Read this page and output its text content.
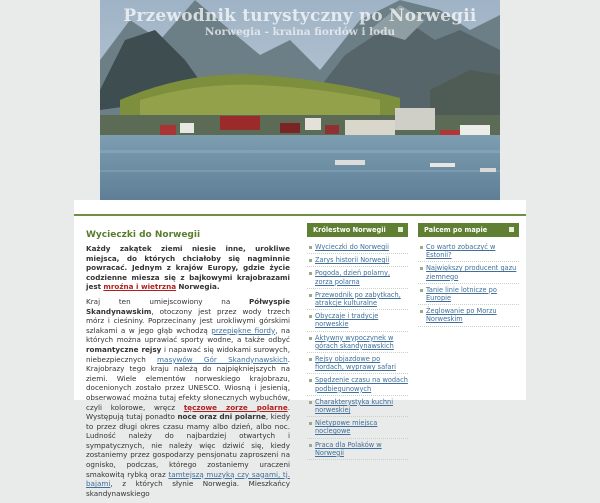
Przewodnik turystyczny po Norwegii
Norwegia - kraina fiordów i lodu
Wycieczki do Norwegii

Każdy zakątek ziemi niesie inne, urokliwe miejsca, do których chciałoby się nagminnie powracać. Jednym z krajów Europy, gdzie życie codzienne miesza się z bajkowymi krajobrazami jest mroźna i wietrzna Norwegia.

Kraj ten umiejscowiony na	Półwyspie Skandynawskim, otoczony jest przez wody trzech mórz i cieśniny. Poprzecinany jest urokliwymi górskimi szlakami a w jego głąb wchodzą przepiękne fiordy, na których można uprawiać sporty wodne, a także odbyć romantyczne rejsy i napawać się widokami surowych, niebezpiecznych masywów Gór Skandynawskich. Krajobrazy tego kraju należą do najpiękniejszych na ziemi. Wiele elementów norweskiego krajobrazu, docenionych zostało przez UNESCO. Wiosną i jesienią, obserwować można tutaj efekty słonecznych wybuchów, czyli kolorowe, wręcz tęczowe zorze polarne. Występują tutaj ponadto noce oraz dni polarne, kiedy to przez długi okres czasu mamy albo dzień, albo noc. Ludność należy do najbardziej otwartych i sympatycznych, nie należy więc dziwić się, kiedy zostaniemy przez gospodarzy pensjonatu zaproszeni na ognisko, podczas, którego zostaniemy uraczeni smakowitą rybką oraz tamtejszą muzyką czy sagami, tj. bajami, z których słynie Norwegia. Mieszkańcy skandynawskiego

Królestwo Norwegii
Wycieczki do Norwegii
Zarys historii Norwegii
Pogoda, dzień polarny, zorza polarna
Przewodnik po zabytkach, atrakcje kulturalne
Obyczaje i tradycje norweskie
Aktywny wypoczynek w górach skandynawskich
Rejsy objazdowe po fiordach, wyprawy safari
Spędzenie czasu na wodach podbiegunowych
Charakterystyka kuchni norweskiej
Nietypowe miejsca noclegowe
Praca dla Polaków w Norwegii
Palcem po mapie
Co warto zobaczyć w Estonii?
Największy producent gazu ziemnego
Tanie linie lotnicze po Europie
Żeglowanie po Morzu Norweskim
